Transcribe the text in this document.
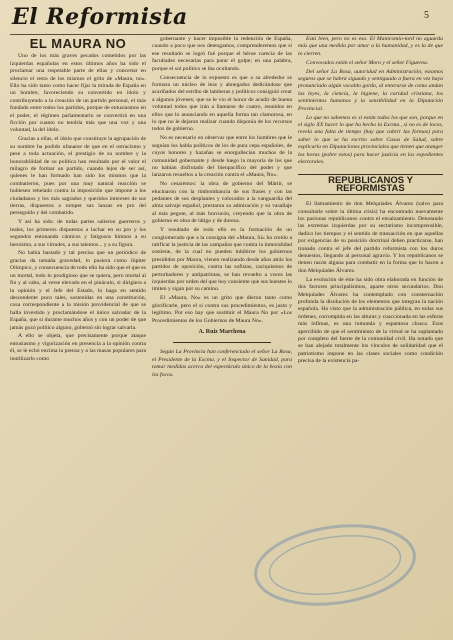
El Reformista	5
EL MAURA NO

Uno de los más graves pecados cometidos por las izquierdas españolas en estos últimos años ha sido el proclamar una respetable parte de ellas y concertar en silencio el resto de los mismos el grito de «Maura, no». Ello ha sido tanto como hacer fijar la mirada de España en un hombre, favoreciendo su convertido en ídolo y contribuyendo a la creación de un partido personal, el más fundado entre todos los partidos, porque de entusiasmos en el poder, el régimen parlamentario se convertirá en una ficción por cuanto no tendría más que una voz y una voluntad, la del ídolo.

Gracias a ellas, el ídolo que constituye la agrupación de su nombre ha podido ufanarse de que en el ostracismo y pese a toda actuación, el prestigio de su nombre y la honorabilidad de su política han resultado por el valor el milagro de formar un partido, cuando lejos de ser así, quienes le han formado han sido los mismos que la combatieron, pues por una muy natural reacción se hubiesen rebelado contra la imposición que impone a los ciudadanos y los más sagrados y queridos intereses de sus tierras, dispuestos a romper sus lanzas en pro del perseguido y del combatido.

Y así ha sido: de todas partes salieron guerreros y leales, los primeros dispuestos a luchar en su pro y los segundos entonando cánticos y fatigosos himnos a su heroísmo, a sus virtudes, a sus talentos... y a su figura.

No había bastado y tal precisa que un periódico de gracias da tamaña gravedad, lo pusiera como Júpiter Olímpico, y consecuencia de todo ello ha sido que el que es un mortal, todo lo prodigioso que se quiera, pero mortal al fin y al cabo, al verse elevado en el pináculo, si dirigiera a la opinión y el Jefe del Estado, lo haga en sentido descendente poco tales, sostenidas en una constitución, cosa correspondiente a la misión providencial de que se halla investido y proclamándose el único salvador de la España, que si durante muchos años y con un poder de que jamás gozó político alguno, gobernó sin lograr salvarla.

A ello se objeta, que precisamente porque ataque entusiasmo y vigorización en presencia a la opinión contra él, se le echó encima la prensa y a las masas populares para inutilizarlo como

gobernante y hacer imposible la redención de España, cuando a poco que nos detengamos, comprenderemos que si ese resultado se logró fué porque el héroe carecía de las facultades necesarias para parar el golpe; en una palabra, porque el sol político se iba ocultando.

Consecuencia de lo expuesto es que a su alrededor se formara un núcleo de leas y abnegados dedicándose que acariñados del estribo de lamberas y políticos consiguió crear a algunos jóvenes; que se le vio el honor de acudir de buena voluntad todos que irán a llamarse de cuatro, reunidos en ellos que lo anunciando en aquella forma tan clamorosa, en lo que no le dejaron realizar cuando disponía de los recursos todos de gobierno.

No es necesario en observar que entre los hombres que le seguían los habla políticos de los de pura cepa españoles, de cuyos honores y hazañas se enorgullecian muchos de la comunidad gobernante y desde luego la mayoría de los que no habían disfrutado del bienpacífico del poder y que lanzaron resueltos a la creación contra el «Maura, No».

No cesaremos: la obra de gobierno del Mártir, se elucinaron con la rimbombancia de sus frases y con las pedantes de sus desplantes y colocados a la vanguardia del alma salvaje español, prestaron su admiración y su vasallaje al más pegote, al más bravucón, creyendo que la obra de gobierno es obra de látigo y de dureza.

Y resultado de todo ello es la formación de un conglomerado que a la consigna del «Maura, Sí» ha creído a ratificar la justicia de las campañas que contra la inmoralidad sostiene, de la cual no pueden inhibirse los gobiernos presididos por Maura, vienen realizando desde años atrás los partidos de oposición, contra las sofistas, caciquismos de perturbadores y antipatriotas, se han revuelto a voces las izquierdas por orden del que hoy consiente que sus huestes lo imiten y sigan por su camino.

El «Maura, No» es un grito que dieron tanto como glorificarle, pero el si contra sus procedimientos, es justo y legítimo. Por eso hay que sustituir el Maura No por «Los Procedimientos de los Gobiernos de Maura No».

A. Ruiz Marchena

Según La Provincia han conferenciado el señor La Rosa, el Presidente de la Excma. y el Inspector de Sanidad, para tomar medidas acerca del espectáculo único de la boxía con los focos.

Está bien, pero no es eso. El Manicomio-tord no aguarda más que una medida por amor a la humanidad, y es la de que lo cierren.

Convocados están el señor Moro y el señor Figueroa.

Del señor La Rosa, autoridad en Administración, estamos seguros que se habrá siguado y sentiguado a fuera en vez haya pronunciado algún vocablo gordo, al enterarse de como andan las leyes, la ciencia, la higiene, la caridad cristiana, los sentimientos humanos y la sensibilidad en la Diputación Provincial.

Lo que no sabemos es si están todos los que son, porque en el siglo XX hacer lo que ha hecho la Excma., si no es de locos, revela una falta de tiempo (hay que cubrir las formas) para saber lo que se ha escrito sobre Casas de Salud, sobre explicarlo en Diputaciones provinciales que tienen que atanger los horas (pobre estos) para hacer justicia en los expedientes electorales.

REPUBLICANOS Y REFORMISTAS

El llamamiento de don Melquíades Álvarez (salvo para consultarle sobre la última crisis) ha encontrado nuevamente los pasionas republicanos contra el ensalzamiento. Denotando las extremas izquierdas por su sectarismo incomprensible, dadico los tiempos y el sentido de transacción en que aquellas por exigencias de su posición doctrinal deben practicarse, han tronado contra el jefe del partido reformista con los duros denuestos, llegando al personal agravio. Y los republicanos se tienen razón alguna para combatir en la forma que lo hacen a don Melquíades Álvarez.

La evolución de éste ha sido obra elaborada en función de dos factores principalísimos, aparte otros secundarios. Don Melquíades Álvarez ha contemplado con consternación profunda la disolución de los elementos que integran la nación española. Ha visto que la administración pública, en todas sus órdenes, corrompida en las alturas y coaccionada en las esferas más ínfimas, es una inmunda y espantosa cloaca. Esos apercibido de que el sentimiento de la virtud se ha suplantado por completo del fuerte de la comunidad civil. Ha notado que se han alejado totalmente los vínculos de solidaridad que el patriotismo impone en las clases sociales como condición precisa de la existencia pa-
